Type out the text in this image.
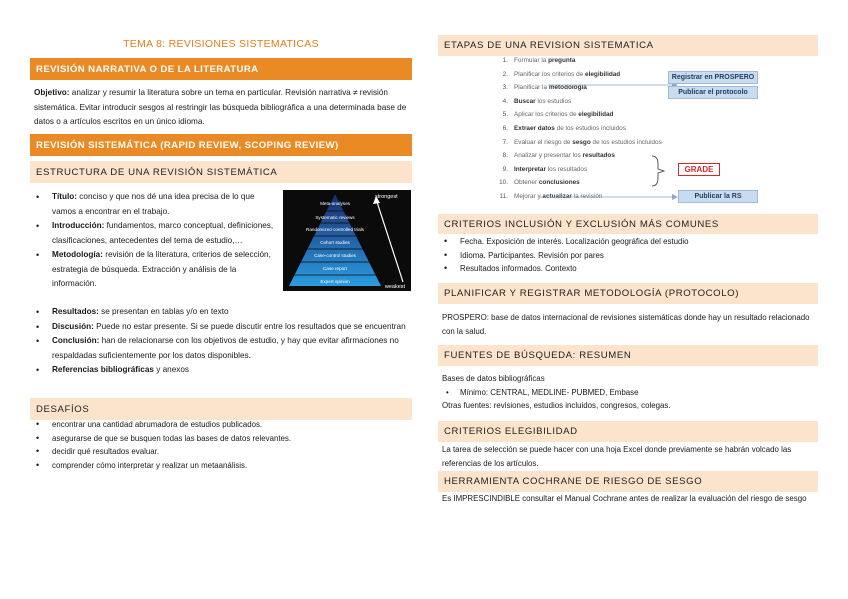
TEMA 8: REVISIONES SISTEMATICAS
REVISIÓN NARRATIVA O DE LA LITERATURA
Objetivo: analizar y resumir la literatura sobre un tema en particular. Revisión narrativa ≠ revisión sistemática. Evitar introducir sesgos al restringir las búsqueda bibliográfica a una determinada base de datos o a artículos escritos en un único idioma.
REVISIÓN SISTEMÁTICA (RAPID REVIEW, SCOPING REVIEW)
ESTRUCTURA DE UNA REVISIÓN SISTEMÁTICA
• Título: conciso y que nos dé una idea precisa de lo que vamos a encontrar en el trabajo.
• Introducción: fundamentos, marco conceptual, definiciones, clasificaciones, antecedentes del tema de estudio,…
• Metodología: revisión de la literatura, criterios de selección, estrategia de búsqueda. Extracción y análisis de la información.
• Resultados: se presentan en tablas y/o en texto
• Discusión: Puede no estar presente. Si se puede discutir entre los resultados que se encuentran
• Conclusión: han de relacionarse con los objetivos de estudio, y hay que evitar afirmaciones no respaldadas suficientemente por los datos disponibles.
• Referencias bibliográficas y anexos
Meta-analyses
Systematic reviews
Randomized controlled trials
Cohort studies
Case-control studies
Case report
Expert opinion
strongest
weakest
DESAFÍOS
• encontrar una cantidad abrumadora de estudios publicados.
• asegurarse de que se busquen todas las bases de datos relevantes.
• decidir qué resultados evaluar.
• comprender cómo interpretar y realizar un metaanálisis.
ETAPAS DE UNA REVISION SISTEMATICA
1. Formular la pregunta
2. Planificar los criterios de elegibilidad
3. Planificar la metodología
4. Buscar los estudios
5. Aplicar los criterios de elegibilidad
6. Extraer datos de los estudios incluidos
7. Evaluar el riesgo de sesgo de los estudios incluidos
8. Analizar y presentar los resultados
9. Interpretar los resultados
10. Obtener conclusiones
11. Mejorar y actualizar la revisión
Registrar en PROSPERO
Publicar el protocolo
GRADE
Publicar la RS
CRITERIOS INCLUSIÓN Y EXCLUSIÓN MÁS COMUNES
• Fecha. Exposición de interés. Localización geográfica del estudio
• Idioma. Participantes. Revisión por pares
• Resultados informados. Contexto
PLANIFICAR Y REGISTRAR METODOLOGÍA (PROTOCOLO)
PROSPERO: base de datos internacional de revisiones sistemáticas donde hay un resultado relacionado con la salud.
FUENTES DE BÚSQUEDA: RESUMEN
Bases de datos bibliográficas
• Mínimo: CENTRAL, MEDLINE- PUBMED, Embase
Otras fuentes: revisiones, estudios incluidos, congresos, colegas.
CRITERIOS ELEGIBILIDAD
La tarea de selección se puede hacer con una hoja Excel donde previamente se habrán volcado las referencias de los artículos.
HERRAMIENTA COCHRANE DE RIESGO DE SESGO
Es IMPRESCINDIBLE consultar el Manual Cochrane antes de realizar la evaluación del riesgo de sesgo
